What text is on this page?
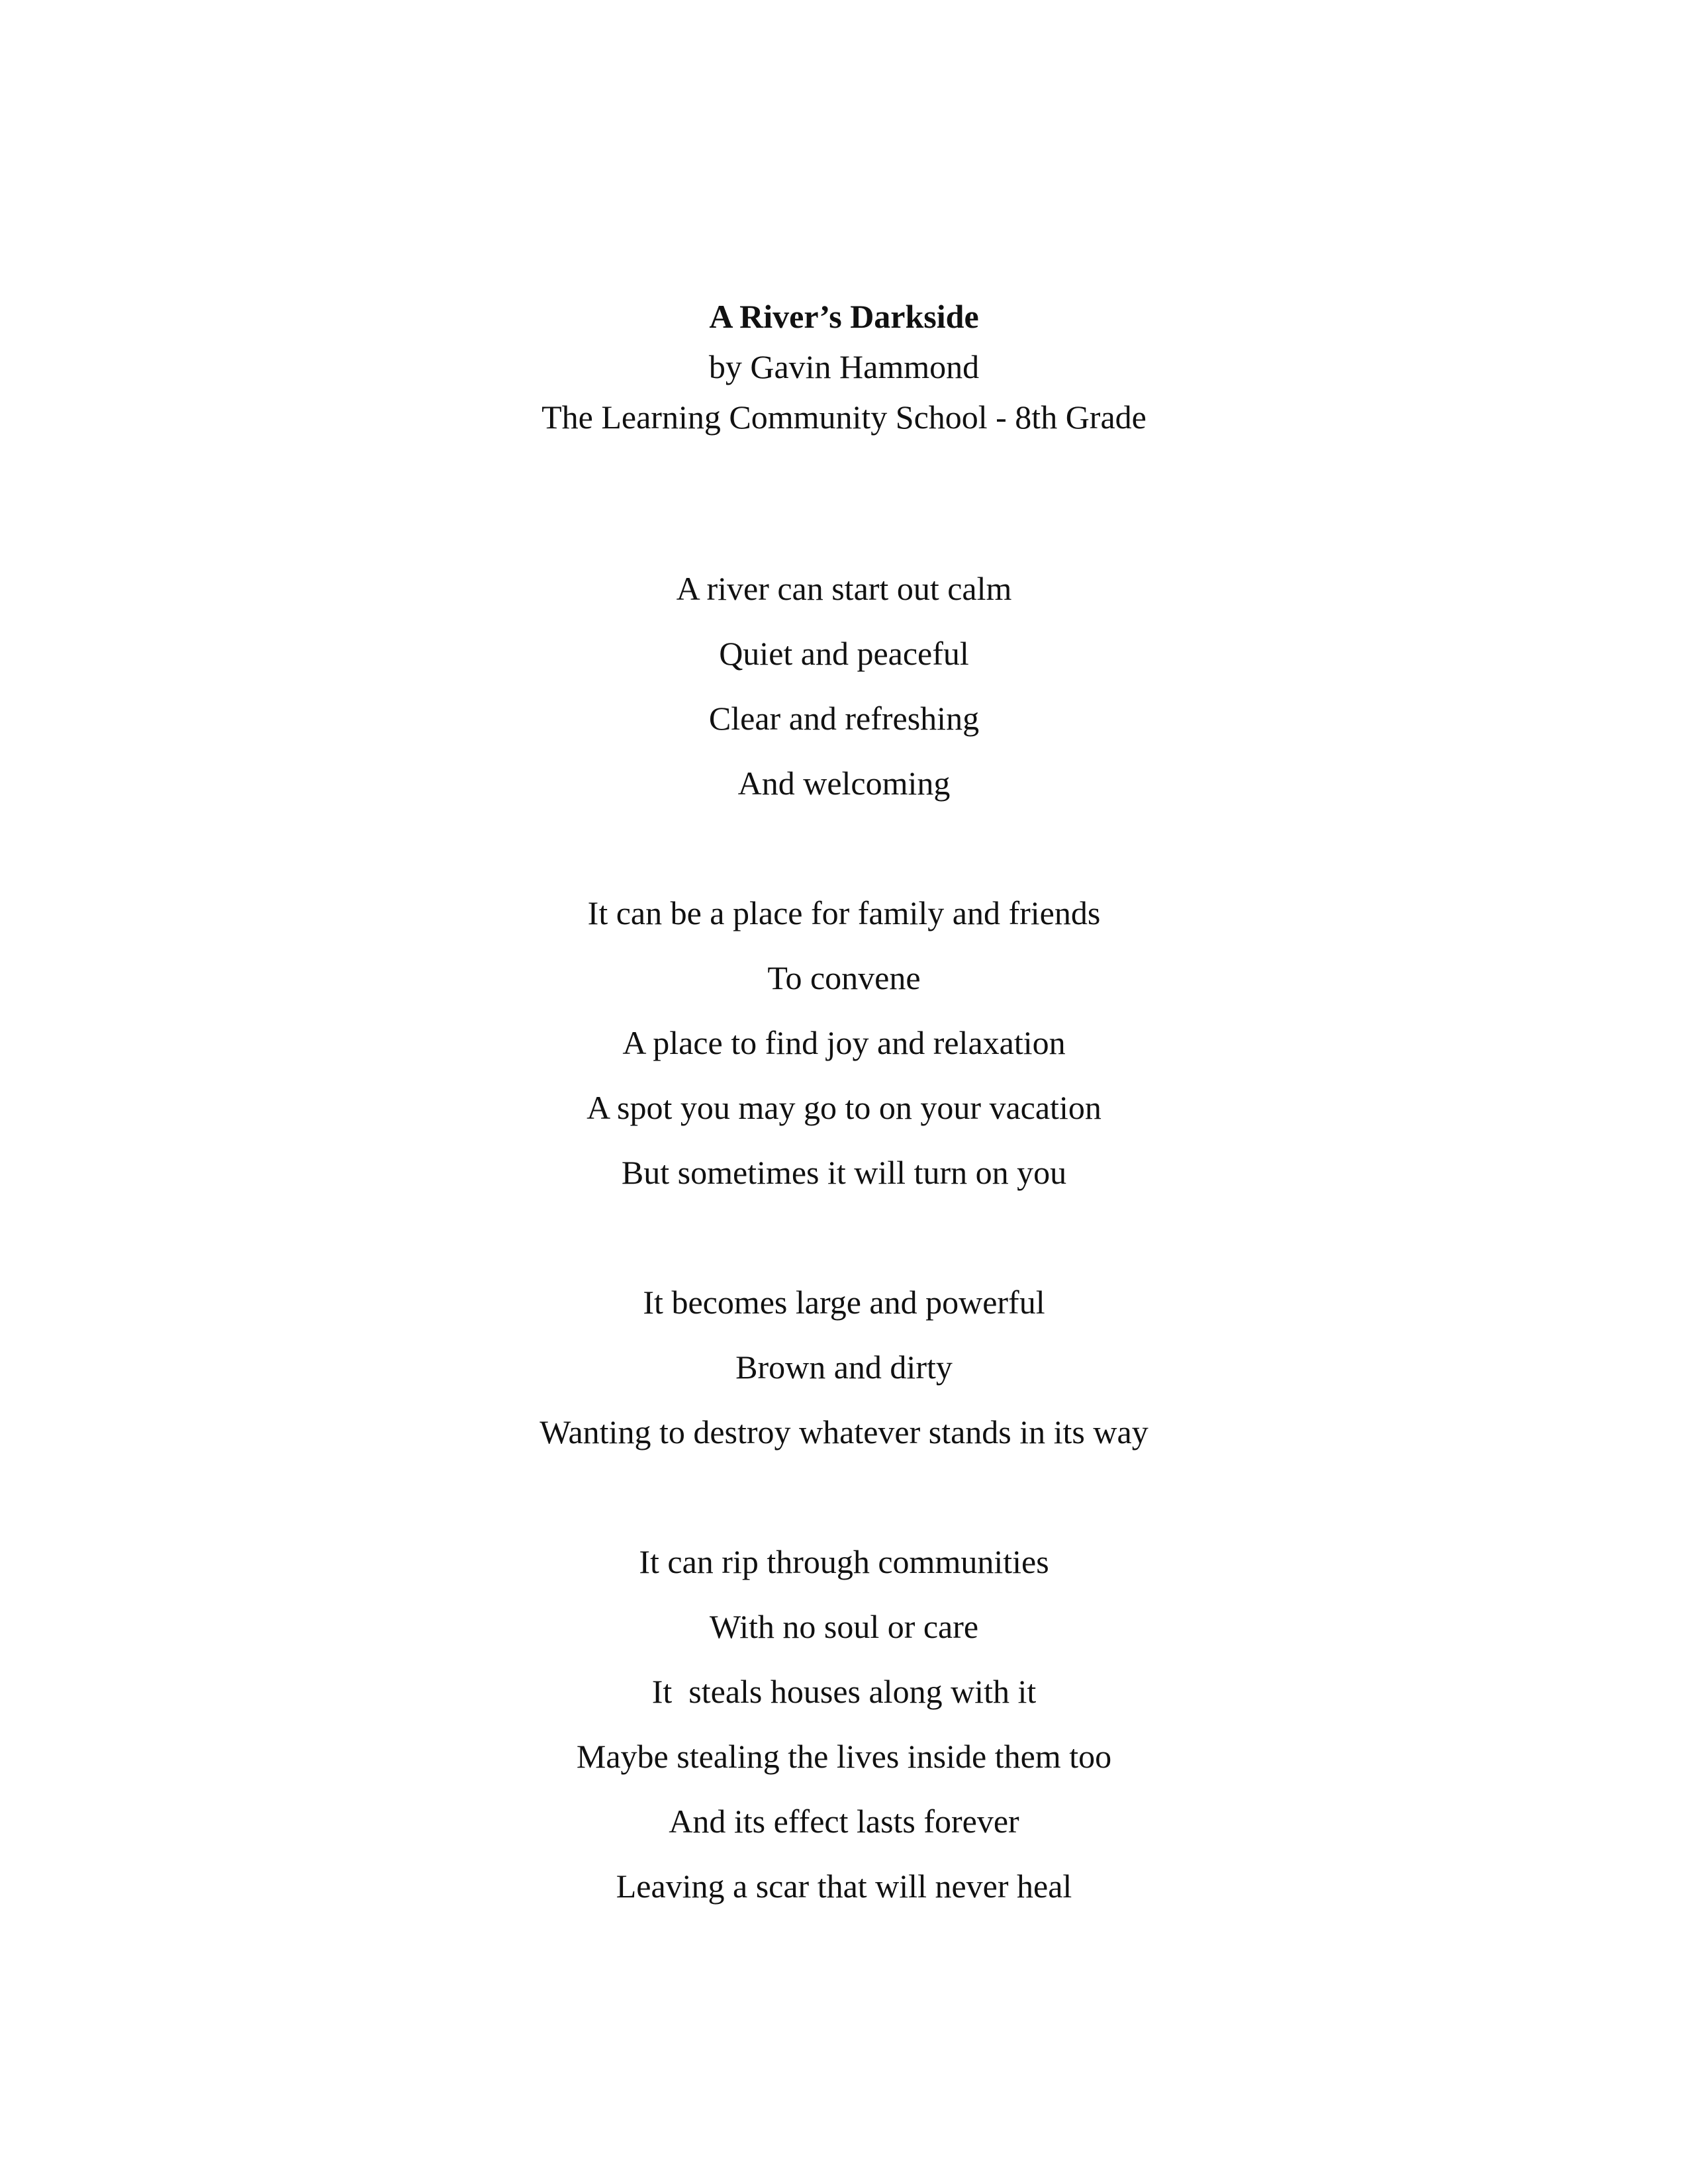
A River’s Darkside

by Gavin Hammond

The Learning Community School - 8th Grade

A river can start out calm

Quiet and peaceful

Clear and refreshing

And welcoming

It can be a place for family and friends

To convene

A place to find joy and relaxation

A spot you may go to on your vacation

But sometimes it will turn on you

It becomes large and powerful

Brown and dirty

Wanting to destroy whatever stands in its way

It can rip through communities

With no soul or care

It  steals houses along with it

Maybe stealing the lives inside them too

And its effect lasts forever

Leaving a scar that will never heal
